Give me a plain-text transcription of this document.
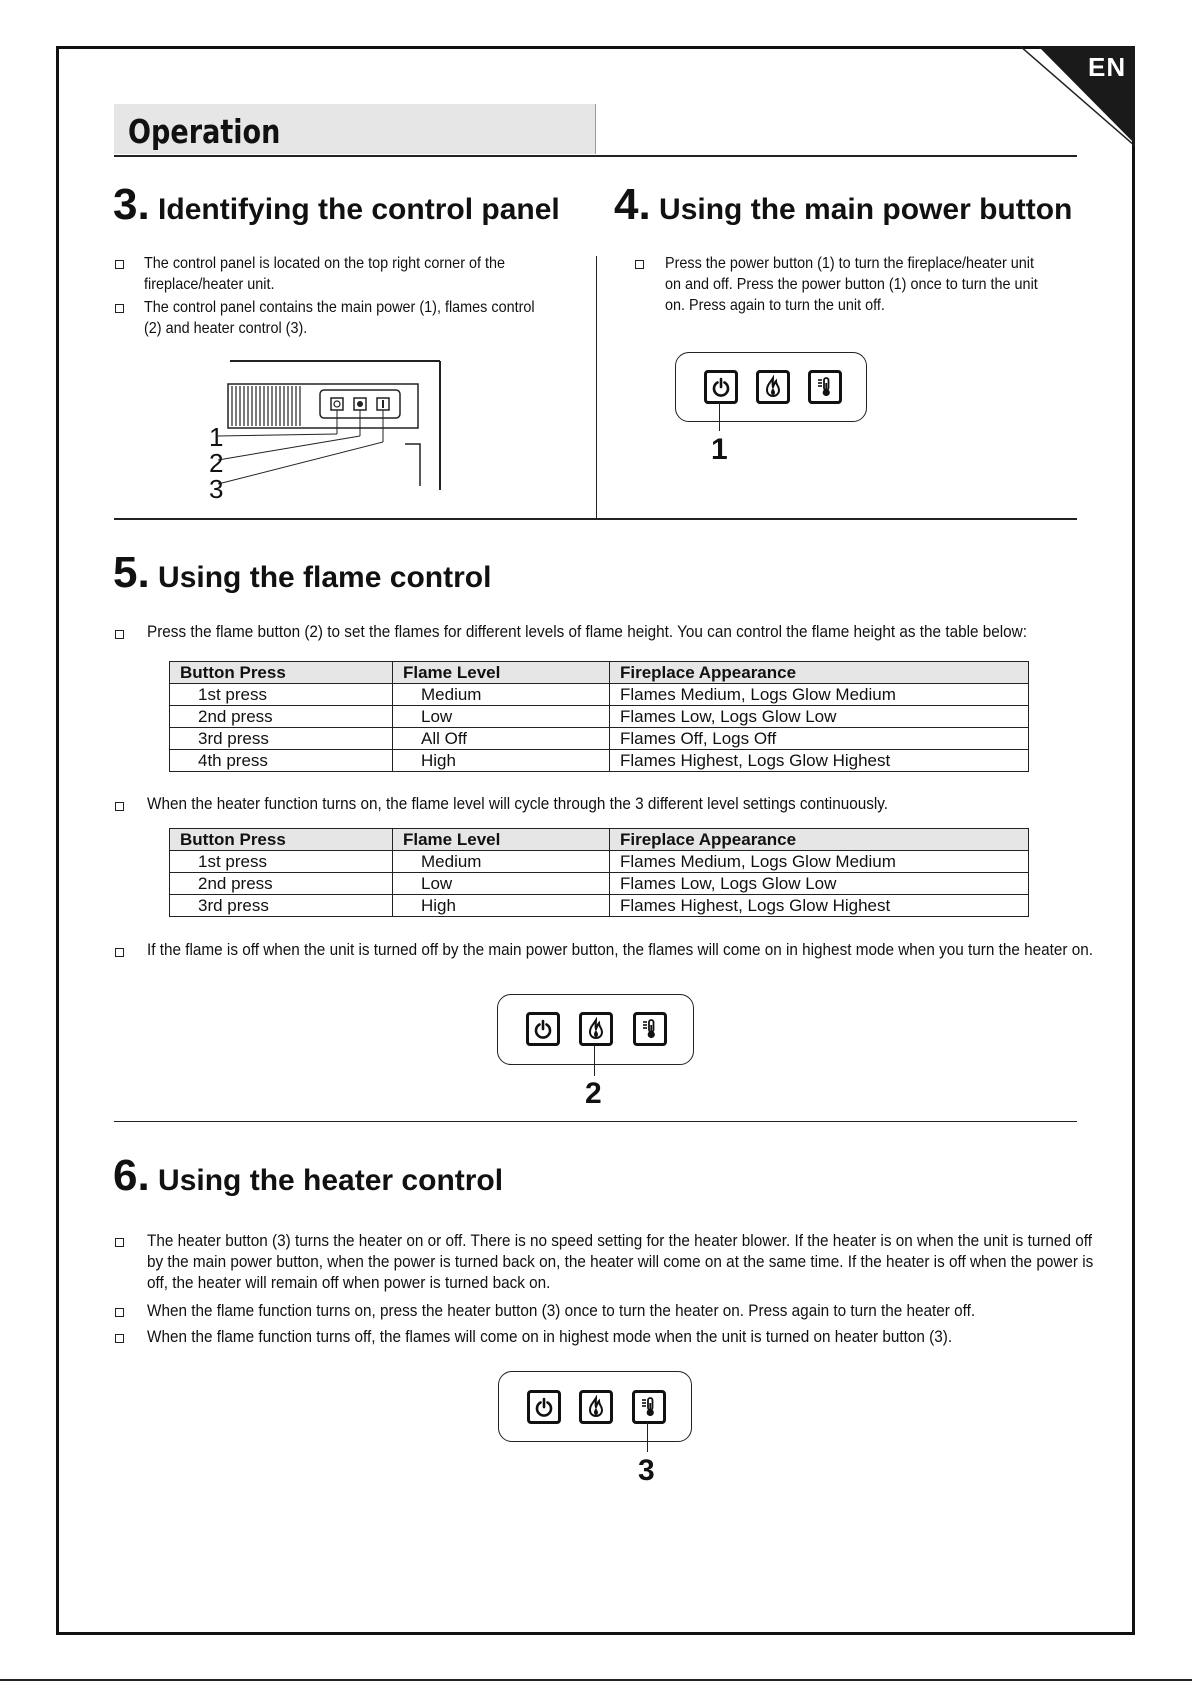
EN
Operation
3. Identifying the control panel
The control panel is located on the top right corner of the fireplace/heater unit.
The control panel contains the main power (1), flames control (2) and heater control (3).
1
2
3
4. Using the main power button
Press the power button (1) to turn the fireplace/heater unit on and off. Press the power button (1) once to turn the unit on. Press again to turn the unit off.
1
5. Using the flame control
Press the flame button (2) to set the flames for different levels of flame height. You can control the flame height as the table below:
Button Press	Flame Level	Fireplace Appearance
1st press	Medium	Flames Medium, Logs Glow Medium
2nd press	Low	Flames Low, Logs Glow Low
3rd press	All Off	Flames Off, Logs Off
4th press	High	Flames Highest, Logs Glow Highest
When the heater function turns on, the flame level will cycle through the 3 different level settings continuously.
Button Press	Flame Level	Fireplace Appearance
1st press	Medium	Flames Medium, Logs Glow Medium
2nd press	Low	Flames Low, Logs Glow Low
3rd press	High	Flames Highest, Logs Glow Highest
If the flame is off when the unit is turned off by the main power button, the flames will come on in highest mode when you turn the heater on.
2
6. Using the heater control
The heater button (3) turns the heater on or off. There is no speed setting for the heater blower. If the heater is on when the unit is turned off by the main power button, when the power is turned back on, the heater will come on at the same time. If the heater is off when the power is off, the heater will remain off when power is turned back on.
When the flame function turns on, press the heater button (3) once to turn the heater on. Press again to turn the heater off.
When the flame function turns off, the flames will come on in highest mode when the unit is turned on heater button (3).
3
